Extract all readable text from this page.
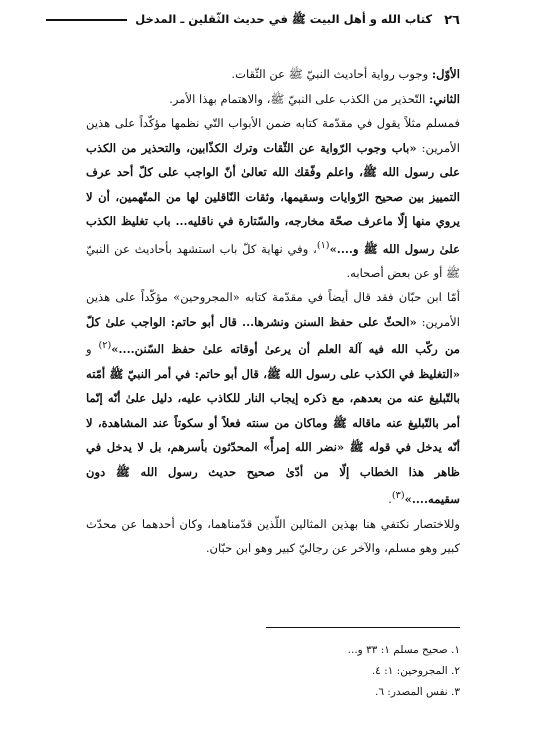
٢٦
كتاب الله و أهل البيت ﷺ في حديث الثّقلين ـ المدخل

الأوّل: وجوب رواية أحاديث النبيّ ﷺ عن الثّقات.

الثاني: التّحذير من الكذب على النبيّ ﷺ، والاهتمام بهذا الأمر.

فمسلم مثلاً يقول في مقدّمة كتابه ضمن الأبواب التّي نظمها مؤكّداً على هذين الأمرين: «باب وجوب الرّواية عن الثّقات وترك الكذّابين، والتحذير من الكذب على رسول الله ﷺ، واعلم وفّقك الله تعالىٰ أنّ الواجب على كلّ أحد عرف التمييز بين صحيح الرّوايات وسقيمها، وثقات النّاقلين لها من المتّهمين، أن لا يروي منها إلّا ماعرف صحّة مخارجه، والسّتارة في ناقليه... باب تغليظ الكذب علىٰ رسول الله ﷺ و....»$^{(١)}$، وفي نهاية كلّ باب استشهد بأحاديث عن النبيّ ﷺ أو عن بعض أصحابه.

أمّا ابن حبّان فقد قال أيضاً في مقدّمة كتابه «المجروحين» مؤكّداً على هذين الأمرين: «الحثّ على حفظ السنن ونشرها... قال أبو حاتم: الواجب علىٰ كلّ من ركّب الله فيه آلة العلم أن يرعىٰ أوقاته علىٰ حفظ السّنن....»$^{(٢)}$ و «التغليظ في الكذب على رسول الله ﷺ، قال أبو حاتم: في أمر النبيّ ﷺ أمّته بالتّبليغ عنه من بعدهم، مع ذكره إيجاب النار للكاذب عليه، دليل علىٰ أنّه إنّما أمر بالتّبليغ عنه ماقاله ﷺ وماكان من سنته فعلاً أو سكوتاً عند المشاهدة، لا أنّه يدخل في قوله ﷺ «نضر الله إمرأً» المحدّثون بأسرهم، بل لا يدخل في ظاهر هذا الخطاب إلّا من أدّىٰ صحيح حديث رسول الله ﷺ دون سقيمه....»$^{(٣)}$.

وللاختصار نكتفي هنا بهذين المثالين اللّذين قدّمناهما، وكان أحدهما عن محدّث كبير وهو مسلم، والآخر عن رجاليّ كبير وهو ابن حبّان.

١. صحيح مسلم ١: ٣٣ و...
٢. المجروحين: ١: ٤.
٣. نفس المصدر: ٦.
